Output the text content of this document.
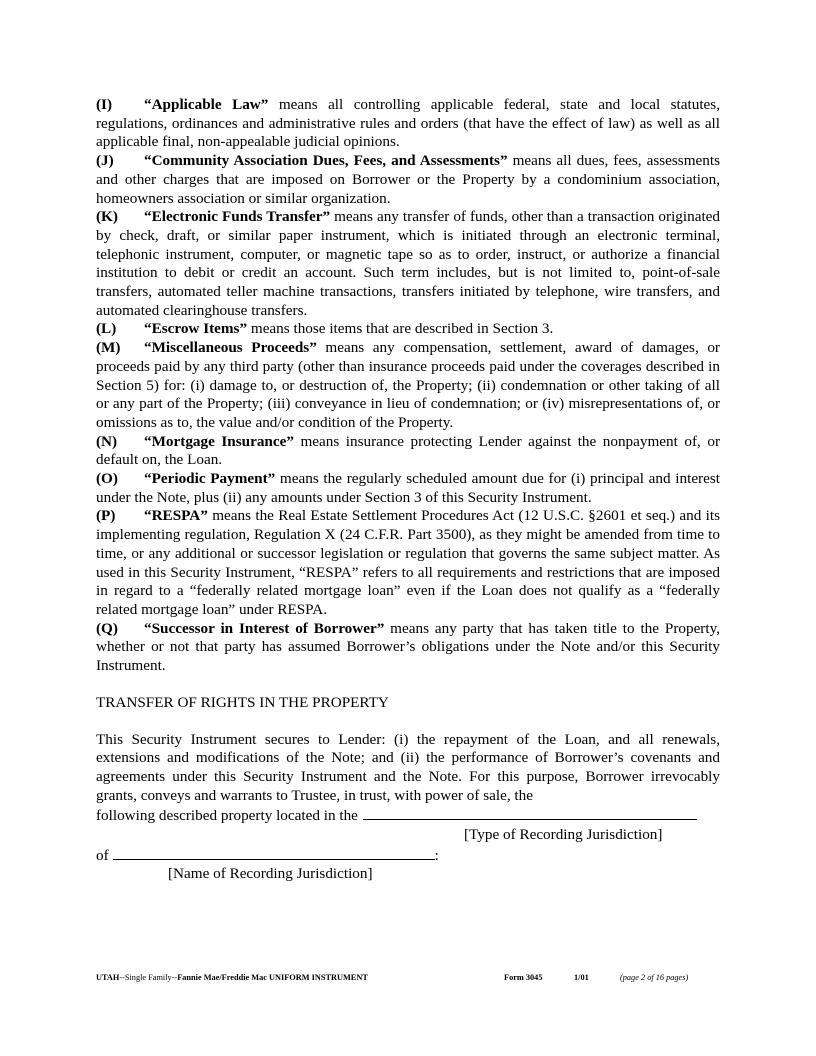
(I) “Applicable Law” means all controlling applicable federal, state and local statutes, regulations, ordinances and administrative rules and orders (that have the effect of law) as well as all applicable final, non-appealable judicial opinions.

(J) “Community Association Dues, Fees, and Assessments” means all dues, fees, assessments and other charges that are imposed on Borrower or the Property by a condominium association, homeowners association or similar organization.

(K) “Electronic Funds Transfer” means any transfer of funds, other than a transaction originated by check, draft, or similar paper instrument, which is initiated through an electronic terminal, telephonic instrument, computer, or magnetic tape so as to order, instruct, or authorize a financial institution to debit or credit an account. Such term includes, but is not limited to, point-of-sale transfers, automated teller machine transactions, transfers initiated by telephone, wire transfers, and automated clearinghouse transfers.

(L) “Escrow Items” means those items that are described in Section 3.

(M) “Miscellaneous Proceeds” means any compensation, settlement, award of damages, or proceeds paid by any third party (other than insurance proceeds paid under the coverages described in Section 5) for: (i) damage to, or destruction of, the Property; (ii) condemnation or other taking of all or any part of the Property; (iii) conveyance in lieu of condemnation; or (iv) misrepresentations of, or omissions as to, the value and/or condition of the Property.

(N) “Mortgage Insurance” means insurance protecting Lender against the nonpayment of, or default on, the Loan.

(O) “Periodic Payment” means the regularly scheduled amount due for (i) principal and interest under the Note, plus (ii) any amounts under Section 3 of this Security Instrument.

(P) “RESPA” means the Real Estate Settlement Procedures Act (12 U.S.C. §2601 et seq.) and its implementing regulation, Regulation X (24 C.F.R. Part 3500), as they might be amended from time to time, or any additional or successor legislation or regulation that governs the same subject matter. As used in this Security Instrument, “RESPA” refers to all requirements and restrictions that are imposed in regard to a “federally related mortgage loan” even if the Loan does not qualify as a “federally related mortgage loan” under RESPA.

(Q) “Successor in Interest of Borrower” means any party that has taken title to the Property, whether or not that party has assumed Borrower’s obligations under the Note and/or this Security Instrument.

TRANSFER OF RIGHTS IN THE PROPERTY

This Security Instrument secures to Lender: (i) the repayment of the Loan, and all renewals, extensions and modifications of the Note; and (ii) the performance of Borrower’s covenants and agreements under this Security Instrument and the Note. For this purpose, Borrower irrevocably grants, conveys and warrants to Trustee, in trust, with power of sale, the

following described property located in the
[Type of Recording Jurisdiction]
of	:
[Name of Recording Jurisdiction]
UTAH--Single Family--Fannie Mae/Freddie Mac UNIFORM INSTRUMENT	Form 3045	1/01	(page 2 of 16 pages)
